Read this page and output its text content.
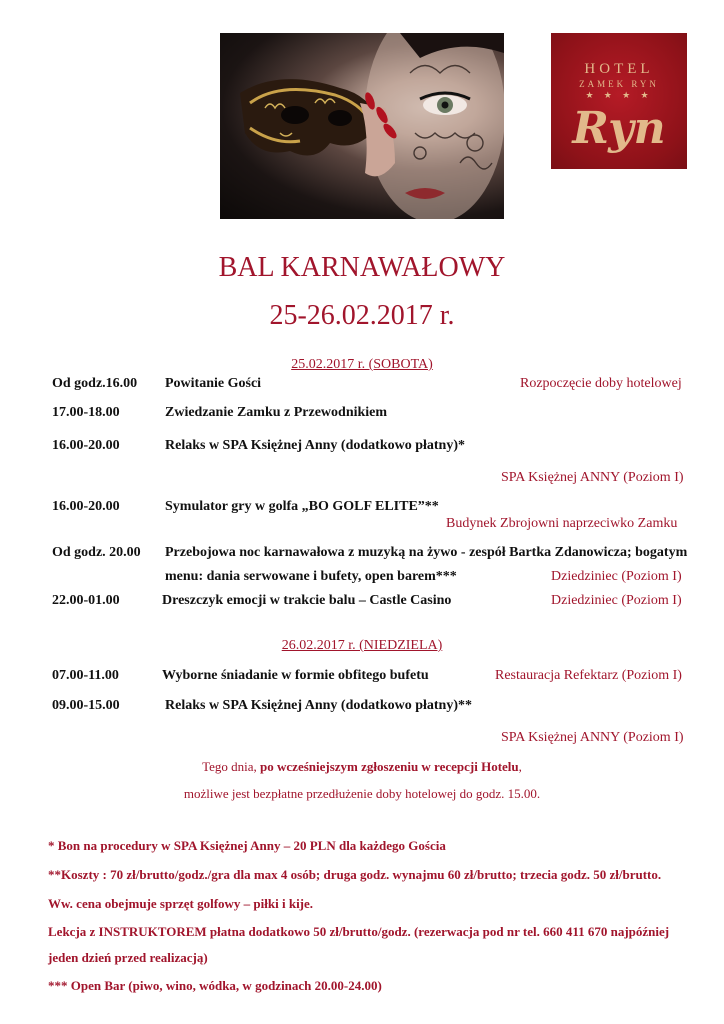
HOTEL
ZAMEK RYN
★ ★ ★ ★
Ryn
BAL KARNAWAŁOWY
25-26.02.2017 r.
25.02.2017 r. (SOBOTA)
Od godz.16.00 Powitanie Gości	Rozpoczęcie doby hotelowej
17.00-18.00	Zwiedzanie Zamku z Przewodnikiem
16.00-20.00	Relaks w SPA Księżnej Anny (dodatkowo płatny)*
SPA Księżnej ANNY (Poziom I)
16.00-20.00	Symulator gry w golfa „BO GOLF ELITE”**
Budynek Zbrojowni naprzeciwko Zamku
Od godz. 20.00 Przebojowa noc karnawałowa z muzyką na żywo - zespół Bartka Zdanowicza; bogatym
menu: dania serwowane i bufety, open barem***	Dziedziniec (Poziom I)
22.00-01.00	Dreszczyk emocji w trakcie balu – Castle Casino	Dziedziniec (Poziom I)
26.02.2017 r. (NIEDZIELA)
07.00-11.00	Wyborne śniadanie w formie obfitego bufetu	Restauracja Refektarz (Poziom I)
09.00-15.00	Relaks w SPA Księżnej Anny (dodatkowo płatny)**
SPA Księżnej ANNY (Poziom I)
Tego dnia, po wcześniejszym zgłoszeniu w recepcji Hotelu,
możliwe jest bezpłatne przedłużenie doby hotelowej do godz. 15.00.
* Bon na procedury w SPA Księżnej Anny – 20 PLN dla każdego Gościa
**Koszty : 70 zł/brutto/godz./gra dla max 4 osób; druga godz. wynajmu 60 zł/brutto; trzecia godz. 50 zł/brutto.
Ww. cena obejmuje sprzęt golfowy – piłki i kije.
Lekcja z INSTRUKTOREM płatna dodatkowo 50 zł/brutto/godz. (rezerwacja pod nr tel. 660 411 670 najpóźniej
jeden dzień przed realizacją)
*** Open Bar (piwo, wino, wódka, w godzinach 20.00-24.00)
